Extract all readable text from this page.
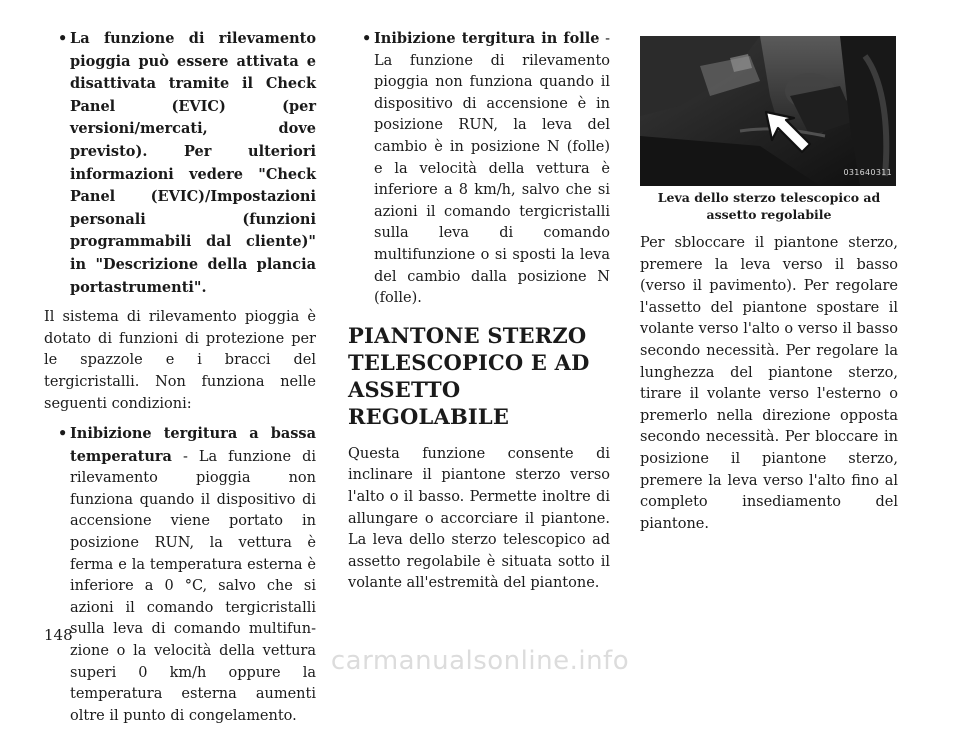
• La funzione di rilevamento pioggia può essere attivata e disattivata tramite il Check Panel (EVIC) (per versioni/mercati, dove previsto). Per ulteriori informazioni vedere "Check Panel (EVIC)/Impostazioni personali (funzioni programmabili dal cliente)" in "Descrizione della plancia portastrumenti".

Il sistema di rilevamento pioggia è dotato di funzioni di protezione per le spazzole e i bracci del tergicristalli. Non funziona nelle seguenti condizioni:

• Inibizione tergitura a bassa temperatura - La funzione di rilevamento pioggia non funziona quando il dispositivo di accensione viene portato in posizione RUN, la vettura è ferma e la temperatura esterna è inferiore a 0 °C, salvo che si azioni il comando tergicristalli sulla leva di comando multifunzione o la velocità della vettura superi 0 km/h oppure la temperatura esterna aumenti oltre il punto di congelamento.
• Inibizione tergitura in folle - La funzione di rilevamento pioggia non funziona quando il dispositivo di accensione è in posizione RUN, la leva del cambio è in posizione N (folle) e la velocità della vettura è inferiore a 8 km/h, salvo che si azioni il comando tergicristalli sulla leva di comando multifunzione o si sposti la leva del cambio dalla posizione N (folle).
PIANTONE STERZO TELESCOPICO E AD ASSETTO REGOLABILE

Questa funzione consente di inclinare il piantone sterzo verso l'alto o il basso. Permette inoltre di allungare o accorciare il piantone. La leva dello sterzo telescopico ad assetto regolabile è situata sotto il volante all'estremità del piantone.

031640311
Leva dello sterzo telescopico ad assetto regolabile

Per sbloccare il piantone sterzo, premere la leva verso il basso (verso il pavimento). Per regolare l'assetto del piantone spostare il volante verso l'alto o verso il basso secondo necessità. Per regolare la lunghezza del piantone sterzo, tirare il volante verso l'esterno o premerlo nella direzione opposta secondo necessità. Per bloccare in posizione il piantone sterzo, premere la leva verso l'alto fino al completo insediamento del piantone.

148
carmanualsonline.info
